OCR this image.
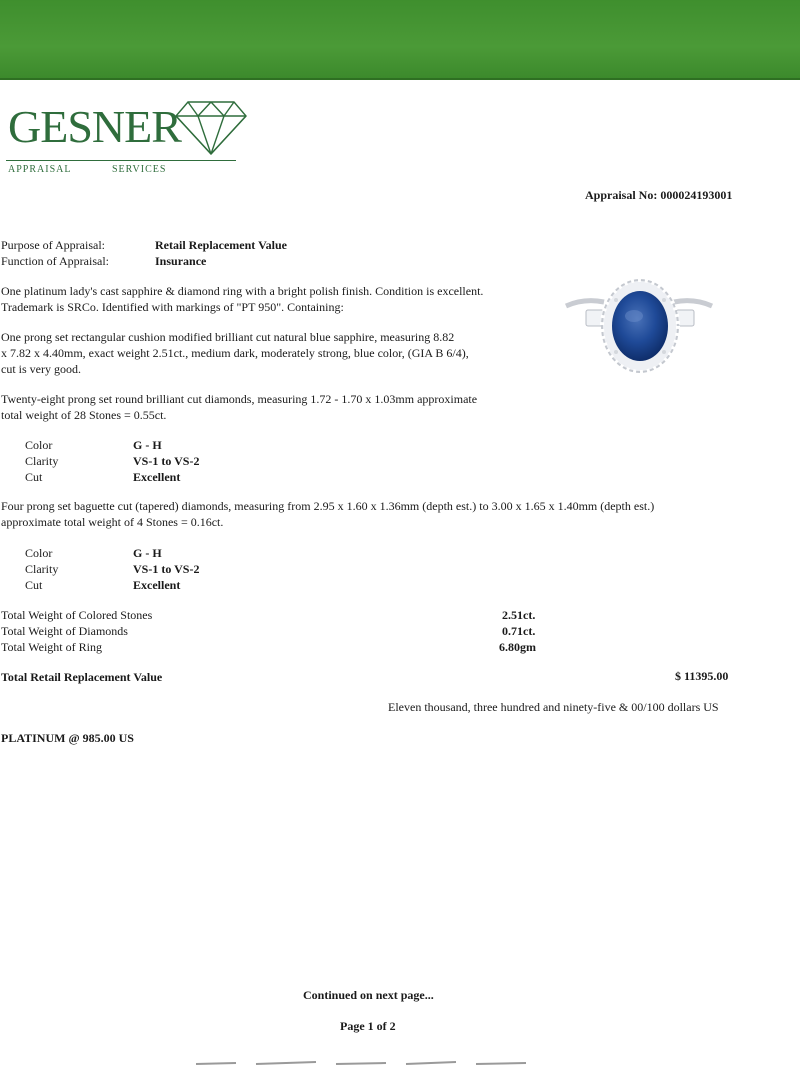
GESNER
APPRAISAL	SERVICES
Appraisal No: 000024193001
Purpose of Appraisal:	Retail Replacement Value
Function of Appraisal:	Insurance
One platinum lady's cast sapphire & diamond ring with a bright polish finish. Condition is excellent.
Trademark is SRCo. Identified with markings of "PT 950". Containing:
One prong set rectangular cushion modified brilliant cut natural blue sapphire, measuring 8.82
x 7.82 x 4.40mm, exact weight 2.51ct., medium dark, moderately strong, blue color, (GIA B 6/4),
cut is very good.
Twenty-eight prong set round brilliant cut diamonds, measuring 1.72 - 1.70 x 1.03mm approximate
total weight of 28 Stones = 0.55ct.
Color	G - H
Clarity	VS-1 to VS-2
Cut	Excellent
Four prong set baguette cut (tapered) diamonds, measuring from 2.95 x 1.60 x 1.36mm (depth est.) to 3.00 x 1.65 x 1.40mm (depth est.)
approximate total weight of 4 Stones = 0.16ct.
Color	G - H
Clarity	VS-1 to VS-2
Cut	Excellent
Total Weight of Colored Stones	2.51ct.
Total Weight of Diamonds	0.71ct.
Total Weight of Ring	6.80gm
Total Retail Replacement Value	$ 11395.00
Eleven thousand, three hundred and ninety-five & 00/100 dollars US
PLATINUM @ 985.00 US
Continued on next page...
Page 1 of 2
